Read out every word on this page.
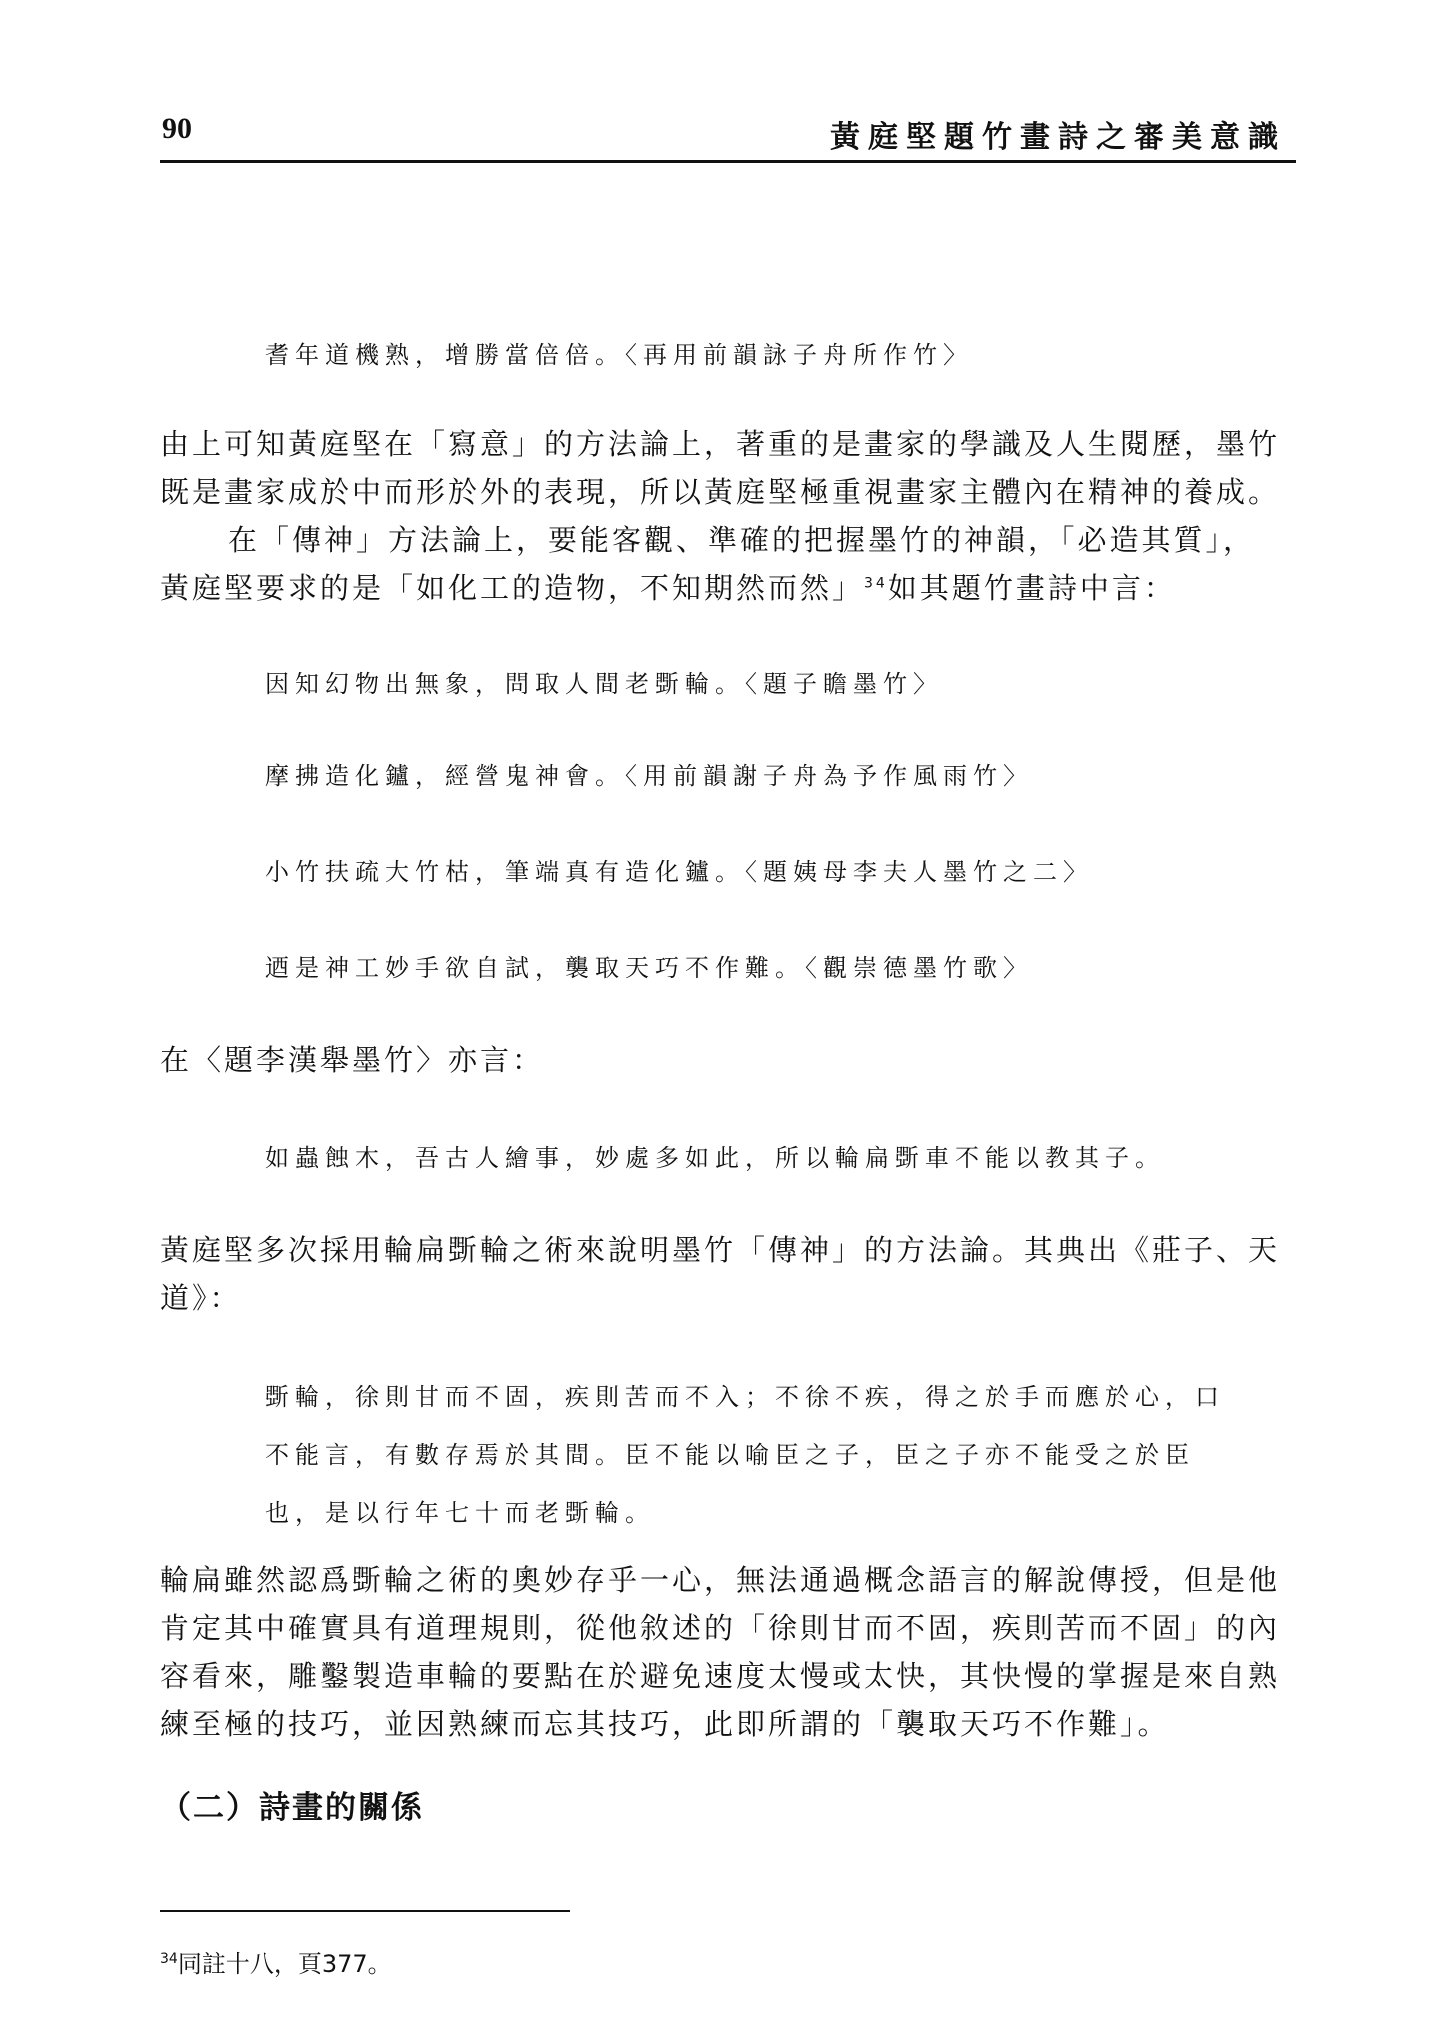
90	黃庭堅題竹畫詩之審美意識
耆年道機熟，增勝當倍倍。〈再用前韻詠子舟所作竹〉
由上可知黃庭堅在「寫意」的方法論上，著重的是畫家的學識及人生閱歷，墨竹
既是畫家成於中而形於外的表現，所以黃庭堅極重視畫家主體內在精神的養成。
在「傳神」方法論上，要能客觀、準確的把握墨竹的神韻，「必造其質」，
黃庭堅要求的是「如化工的造物，不知期然而然」$^{34}$如其題竹畫詩中言：
因知幻物出無象，問取人間老斲輪。〈題子瞻墨竹〉
摩拂造化鑪，經營鬼神會。〈用前韻謝子舟為予作風雨竹〉
小竹扶疏大竹枯，筆端真有造化鑪。〈題姨母李夫人墨竹之二〉
迺是神工妙手欲自試，襲取天巧不作難。〈觀崇德墨竹歌〉
在〈題李漢舉墨竹〉亦言：
如蟲蝕木，吾古人繪事，妙處多如此，所以輪扁斲車不能以教其子。
黃庭堅多次採用輪扁斲輪之術來說明墨竹「傳神」的方法論。其典出《莊子、天
道》：
斲輪，徐則甘而不固，疾則苦而不入；不徐不疾，得之於手而應於心，口
不能言，有數存焉於其間。臣不能以喻臣之子，臣之子亦不能受之於臣
也，是以行年七十而老斲輪。
輪扁雖然認爲斲輪之術的奧妙存乎一心，無法通過概念語言的解說傳授，但是他
肯定其中確實具有道理規則，從他敘述的「徐則甘而不固，疾則苦而不固」的內
容看來，雕鑿製造車輪的要點在於避免速度太慢或太快，其快慢的掌握是來自熟
練至極的技巧，並因熟練而忘其技巧，此即所謂的「襲取天巧不作難」。
（二）詩畫的關係
$^{34}$同註十八，頁377。
